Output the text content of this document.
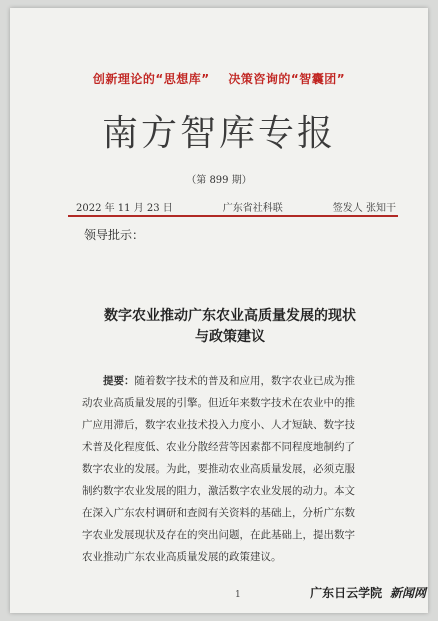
创新理论的“思想库” 决策咨询的“智囊团”
南方智库专报
（第 899 期）
2022 年 11 月 23 日	广东省社科联	签发人 张知干
领导批示：
数字农业推动广东农业高质量发展的现状
与政策建议
提要：随着数字技术的普及和应用，数字农业已成为推
动农业高质量发展的引擎。但近年来数字技术在农业中的推
广应用滞后，数字农业技术投入力度小、人才短缺、数字技
术普及化程度低、农业分散经营等因素都不同程度地制约了
数字农业的发展。为此，要推动农业高质量发展，必须克服
制约数字农业发展的阻力，激活数字农业发展的动力。本文
在深入广东农村调研和查阅有关资料的基础上，分析广东数
字农业发展现状及存在的突出问题，在此基础上，提出数字
农业推动广东农业高质量发展的政策建议。
1	广东日云学院 新闻网
